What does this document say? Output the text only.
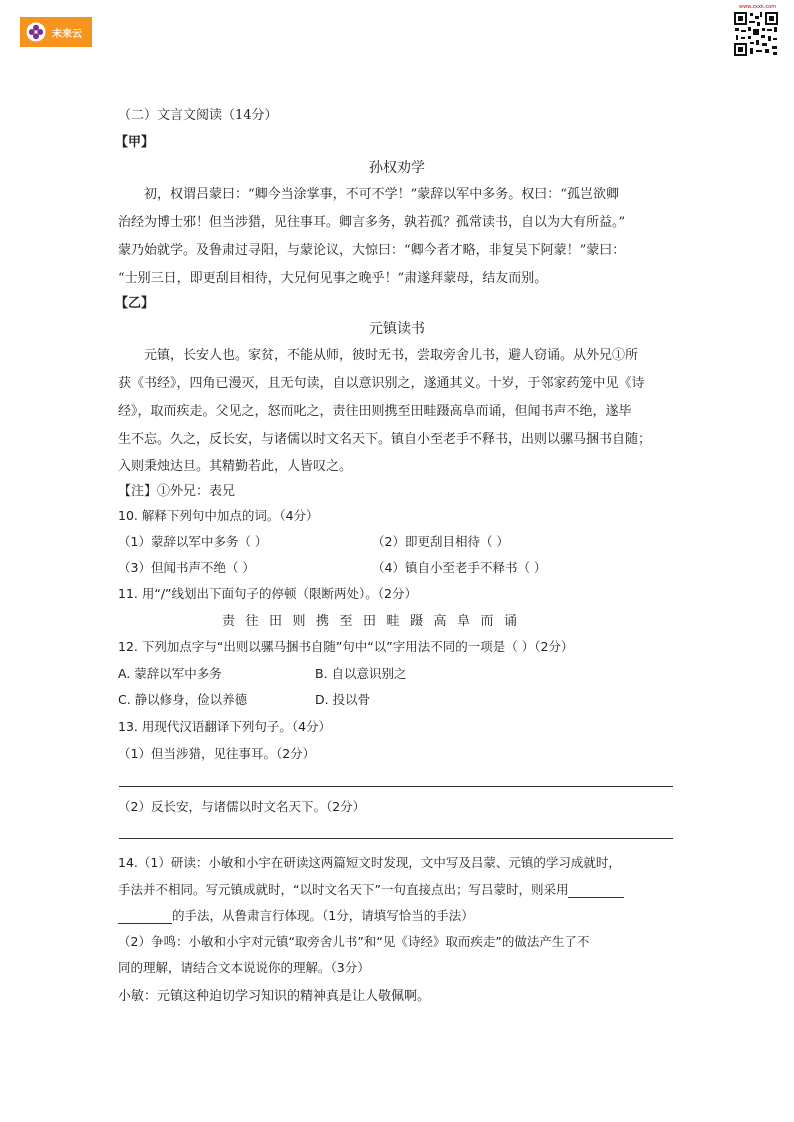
未来云
www.zxxk.com
（二）文言文阅读（14分）
【甲】
孙权劝学
初，权谓吕蒙曰：“卿今当涂掌事，不可不学！”蒙辞以军中多务。权曰：“孤岂欲卿
治经为博士邪！但当涉猎，见往事耳。卿言多务，孰若孤？孤常读书，自以为大有所益。”
蒙乃始就学。及鲁肃过寻阳，与蒙论议，大惊曰：“卿今者才略，非复吴下阿蒙！”蒙曰：
“士别三日，即更刮目相待，大兄何见事之晚乎！”肃遂拜蒙母，结友而别。
【乙】
元镇读书
元镇，长安人也。家贫，不能从师，彼时无书，尝取旁舍儿书，避人窃诵。从外兄①所
获《书经》，四角已漫灭，且无句读，自以意识别之，遂通其义。十岁，于邻家药笼中见《诗
经》，取而疾走。父见之，怒而叱之，责往田则携至田畦蹑高阜而诵，但闻书声不绝，遂毕
生不忘。久之，反长安，与诸儒以时文名天下。镇自小至老手不释书，出则以骡马捆书自随；
入则秉烛达旦。其精勤若此，人皆叹之。
【注】①外兄：表兄
10. 解释下列句中加点的词。（4分）
（1）蒙辞以军中多务（ ）	（2）即更刮目相待（ ）
（3）但闻书声不绝（ ）	（4）镇自小至老手不释书（ ）
11. 用“/”线划出下面句子的停顿（限断两处）。（2分）
责往田则携至田畦蹑高阜而诵
12. 下列加点字与“出则以骡马捆书自随”句中“以”字用法不同的一项是（ ）（2分）
A. 蒙辞以军中多务	B. 自以意识别之
C. 静以修身，俭以养德	D. 投以骨
13. 用现代汉语翻译下列句子。（4分）
（1）但当涉猎，见往事耳。（2分）
（2）反长安，与诸儒以时文名天下。（2分）
14.（1）研读：小敏和小宇在研读这两篇短文时发现，文中写及吕蒙、元镇的学习成就时，
手法并不相同。写元镇成就时，“以时文名天下”一句直接点出；写吕蒙时，则采用
的手法，从鲁肃言行体现。（1分，请填写恰当的手法）
（2）争鸣：小敏和小宇对元镇“取旁舍儿书”和“见《诗经》取而疾走”的做法产生了不
同的理解，请结合文本说说你的理解。（3分）
小敏：元镇这种迫切学习知识的精神真是让人敬佩啊。
